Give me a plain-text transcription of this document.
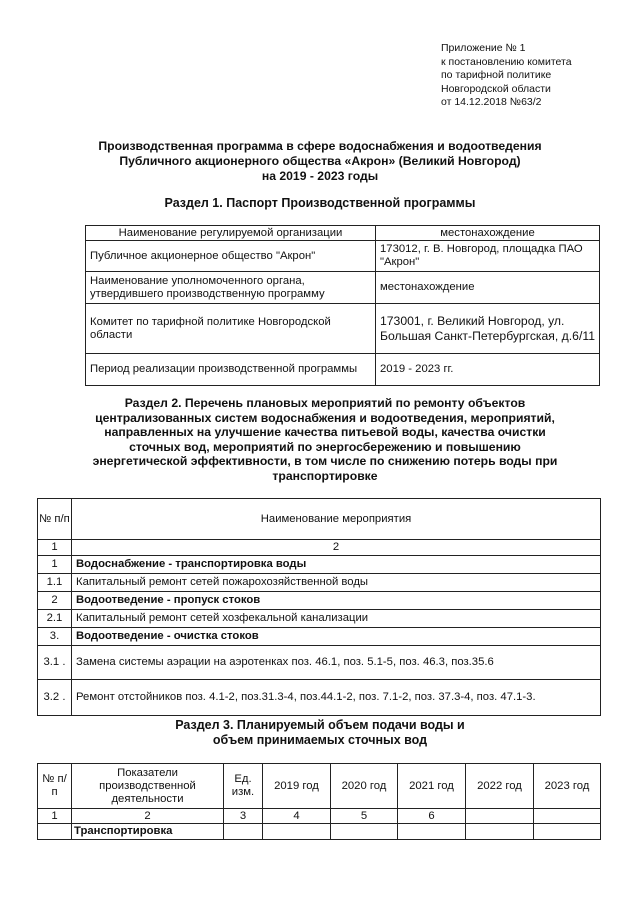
Приложение № 1
к постановлению комитета
по тарифной политике
Новгородской области
от 14.12.2018 №63/2
Производственная программа в сфере водоснабжения и водоотведения
Публичного акционерного общества «Акрон» (Великий Новгород)
на 2019 - 2023 годы
Раздел 1. Паспорт Производственной программы
Наименование регулируемой организации	местонахождение
Публичное акционерное общество "Акрон"	173012, г. В. Новгород, площадка ПАО "Акрон"
Наименование уполномоченного органа, утвердившего производственную программу	местонахождение
Комитет по тарифной политике Новгородской области	173001, г. Великий Новгород, ул. Большая Санкт-Петербургская, д.6/11
Период реализации производственной программы	2019 - 2023 гг.
Раздел 2. Перечень плановых мероприятий по ремонту объектов
централизованных систем водоснабжения и водоотведения, мероприятий,
направленных на улучшение качества питьевой воды, качества очистки
сточных вод, мероприятий по энергосбережению и повышению
энергетической эффективности, в том числе по снижению потерь воды при
транспортировке
№ п/п	Наименование мероприятия
1	2
1	Водоснабжение - транспортировка воды
1.1	Капитальный ремонт сетей пожарохозяйственной воды
2	Водоотведение - пропуск стоков
2.1	Капитальный ремонт сетей хозфекальной канализации
3.	Водоотведение - очистка стоков
3.1 .	Замена системы аэрации на аэротенках поз. 46.1, поз. 5.1-5, поз. 46.3, поз.35.6
3.2 .	Ремонт отстойников поз. 4.1-2, поз.31.3-4, поз.44.1-2, поз. 7.1-2, поз. 37.3-4, поз. 47.1-3.
Раздел 3. Планируемый объем подачи воды и
объем принимаемых сточных вод
№ п/п	Показатели производственной деятельности	Ед. изм.	2019 год	2020 год	2021 год	2022 год	2023 год
1	2	3	4	5	6		
	Транспортировка						
